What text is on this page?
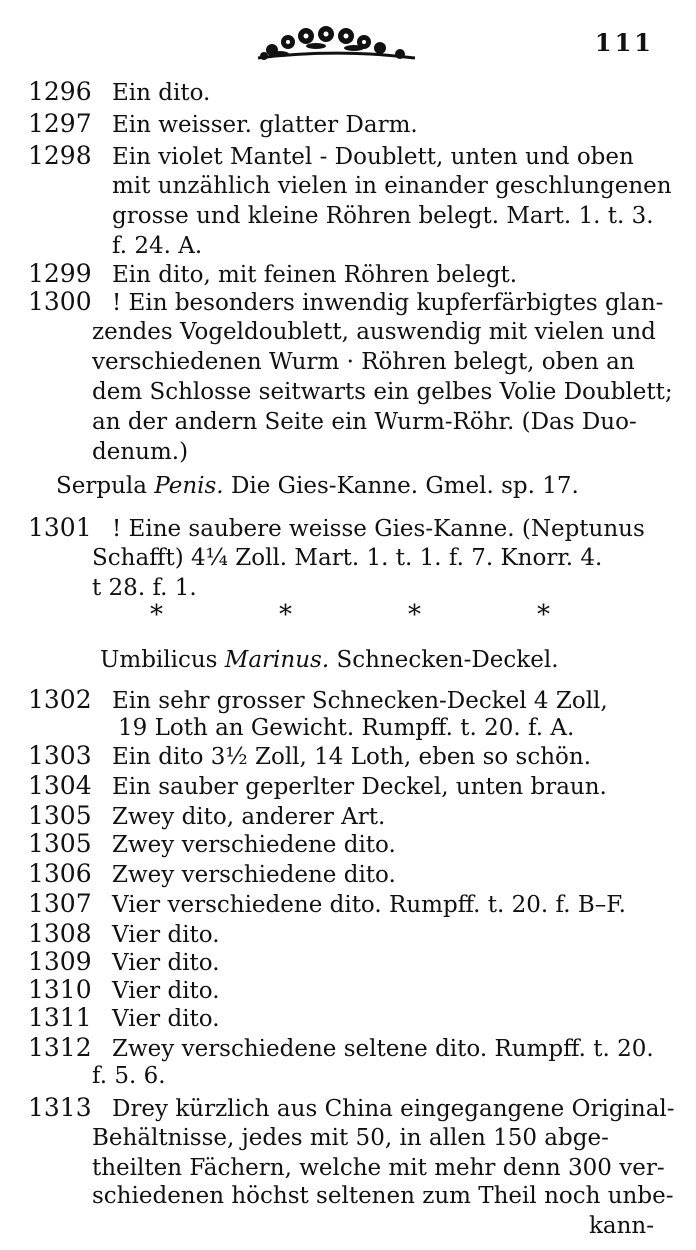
111
1296 Ein dito.
1297 Ein weisser. glatter Darm.
1298 Ein violet Mantel - Doublett, unten und oben
mit unzählich vielen in einander geschlungenen
grosse und kleine Röhren belegt. Mart. 1. t. 3.
f. 24. A.
1299 Ein dito, mit feinen Röhren belegt.
1300 ! Ein besonders inwendig kupferfärbigtes glan-
zendes Vogeldoublett, auswendig mit vielen und
verschiedenen Wurm · Röhren belegt, oben an
dem Schlosse seitwarts ein gelbes Volie Doublett;
an der andern Seite ein Wurm-Röhr. (Das Duo-
denum.)
Serpula Penis. Die Gies-Kanne. Gmel. sp. 17.
1301 ! Eine saubere weisse Gies-Kanne. (Neptunus
Schafft) 4¼ Zoll. Mart. 1. t. 1. f. 7. Knorr. 4.
t 28. f. 1.
*	*	*	*
Umbilicus Marinus. Schnecken-Deckel.
1302 Ein sehr grosser Schnecken-Deckel 4 Zoll,
19 Loth an Gewicht. Rumpff. t. 20. f. A.
1303 Ein dito 3½ Zoll, 14 Loth, eben so schön.
1304 Ein sauber geperlter Deckel, unten braun.
1305 Zwey dito, anderer Art.
1305 Zwey verschiedene dito.
1306 Zwey verschiedene dito.
1307 Vier verschiedene dito. Rumpff. t. 20. f. B–F.
1308 Vier dito.
1309 Vier dito.
1310 Vier dito.
1311 Vier dito.
1312 Zwey verschiedene seltene dito. Rumpff. t. 20.
f. 5. 6.
1313 Drey kürzlich aus China eingegangene Original-
Behältnisse, jedes mit 50, in allen 150 abge-
theilten Fächern, welche mit mehr denn 300 ver-
schiedenen höchst seltenen zum Theil noch unbe-
kann-
